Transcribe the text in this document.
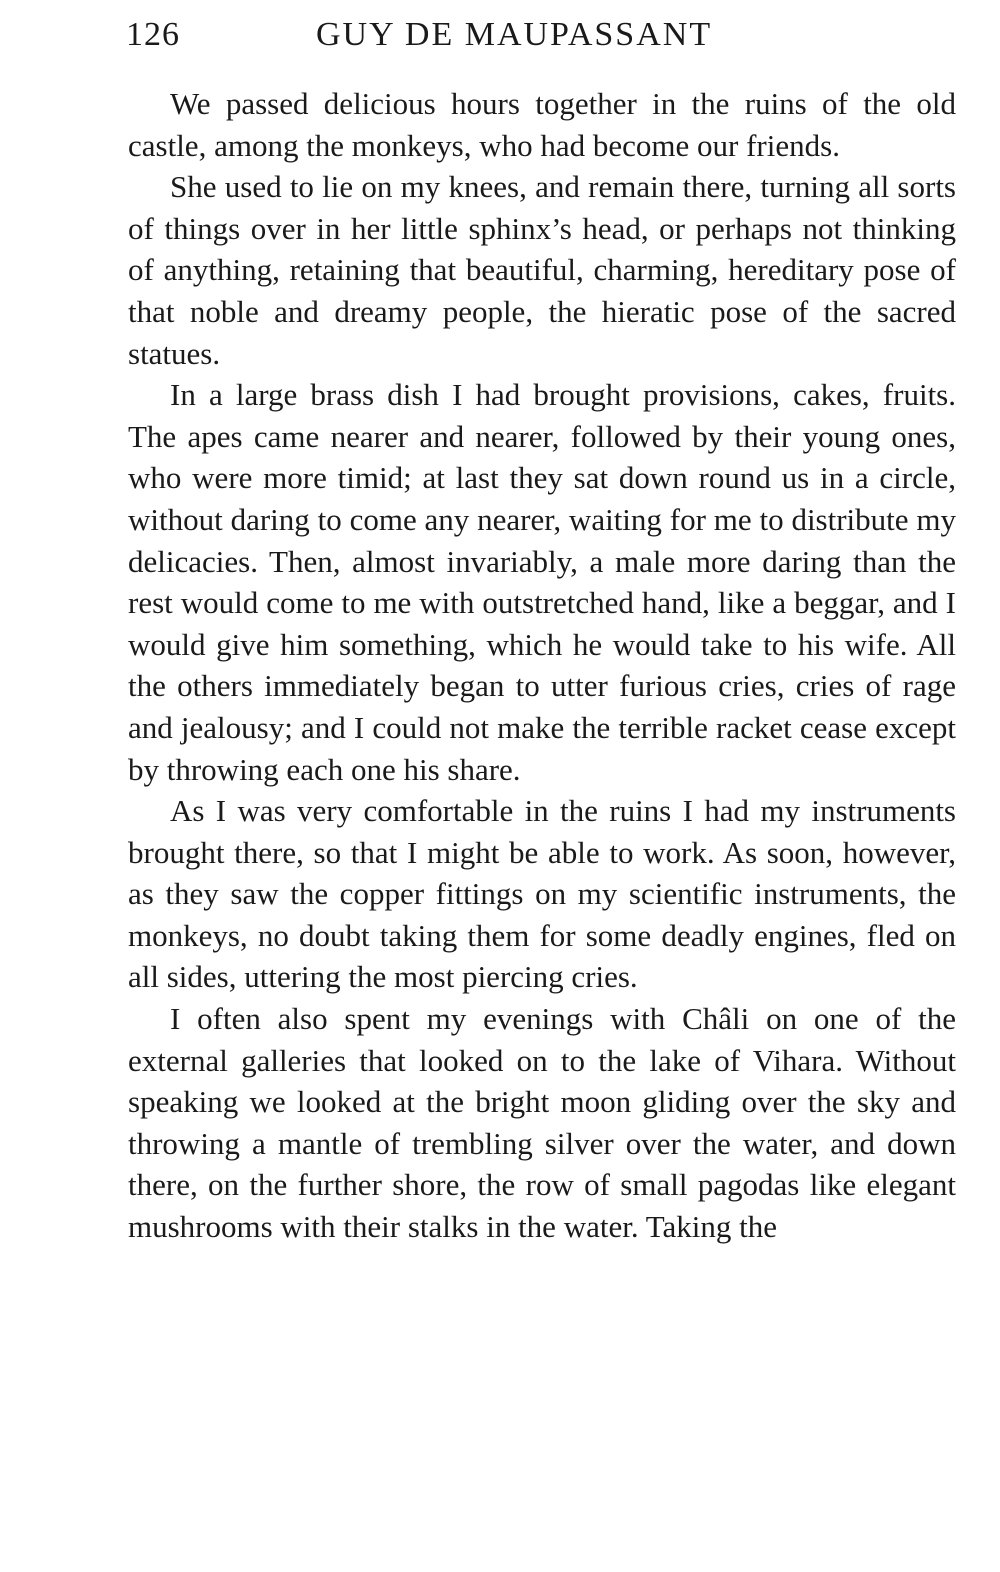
126	GUY DE MAUPASSANT

We passed delicious hours together in the ruins of the old castle, among the monkeys, who had become our friends.

She used to lie on my knees, and remain there, turning all sorts of things over in her little sphinx’s head, or perhaps not thinking of anything, retaining that beautiful, charming, hereditary pose of that noble and dreamy people, the hieratic pose of the sacred statues.

In a large brass dish I had brought provisions, cakes, fruits. The apes came nearer and nearer, followed by their young ones, who were more timid; at last they sat down round us in a circle, without daring to come any nearer, waiting for me to distribute my delicacies. Then, almost invariably, a male more daring than the rest would come to me with outstretched hand, like a beggar, and I would give him something, which he would take to his wife. All the others immediately began to utter furious cries, cries of rage and jealousy; and I could not make the terrible racket cease except by throwing each one his share.

As I was very comfortable in the ruins I had my instruments brought there, so that I might be able to work. As soon, however, as they saw the copper fittings on my scientific instruments, the monkeys, no doubt taking them for some deadly engines, fled on all sides, uttering the most piercing cries.

I often also spent my evenings with Châli on one of the external galleries that looked on to the lake of Vihara. Without speaking we looked at the bright moon gliding over the sky and throwing a mantle of trembling silver over the water, and down there, on the further shore, the row of small pagodas like elegant mushrooms with their stalks in the water. Taking the
